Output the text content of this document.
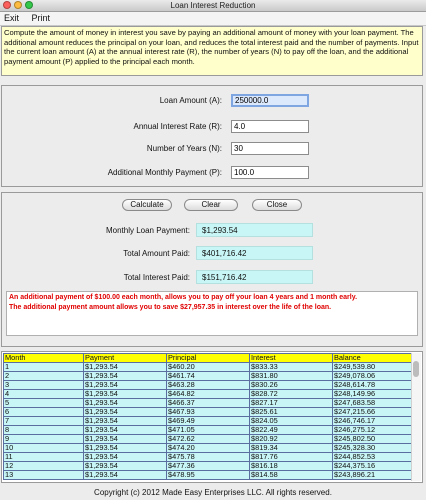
Loan Interest Reduction
Exit Print
Compute the amount of money in interest you save by paying an additional amount of money with your loan payment. The additional amount reduces the principal on your loan, and reduces the total interest paid and the number of payments. Input the current loan amount (A) at the annual interest rate (R), the number of years (N) to pay off the loan, and the additional payment amount (P) applied to the principal each month.
Loan Amount (A):
250000.0
Annual Interest Rate (R):
4.0
Number of Years (N):
30
Additional Monthly Payment (P):
100.0
Calculate	Clear	Close
Monthly Loan Payment:	$1,293.54
Total Amount Paid:	$401,716.42
Total Interest Paid:	$151,716.42
An additional payment of $100.00 each month, allows you to pay off your loan 4 years and 1 month early.
The additional payment amount allows you to save $27,957.35 in interest over the life of the loan.
Month	Payment	Principal	Interest	Balance
1	$1,293.54	$460.20	$833.33	$249,539.80
2	$1,293.54	$461.74	$831.80	$249,078.06
3	$1,293.54	$463.28	$830.26	$248,614.78
4	$1,293.54	$464.82	$828.72	$248,149.96
5	$1,293.54	$466.37	$827.17	$247,683.58
6	$1,293.54	$467.93	$825.61	$247,215.66
7	$1,293.54	$469.49	$824.05	$246,746.17
8	$1,293.54	$471.05	$822.49	$246,275.12
9	$1,293.54	$472.62	$820.92	$245,802.50
10	$1,293.54	$474.20	$819.34	$245,328.30
11	$1,293.54	$475.78	$817.76	$244,852.53
12	$1,293.54	$477.36	$816.18	$244,375.16
13	$1,293.54	$478.95	$814.58	$243,896.21
Copyright (c) 2012 Made Easy Enterprises LLC. All rights reserved.
